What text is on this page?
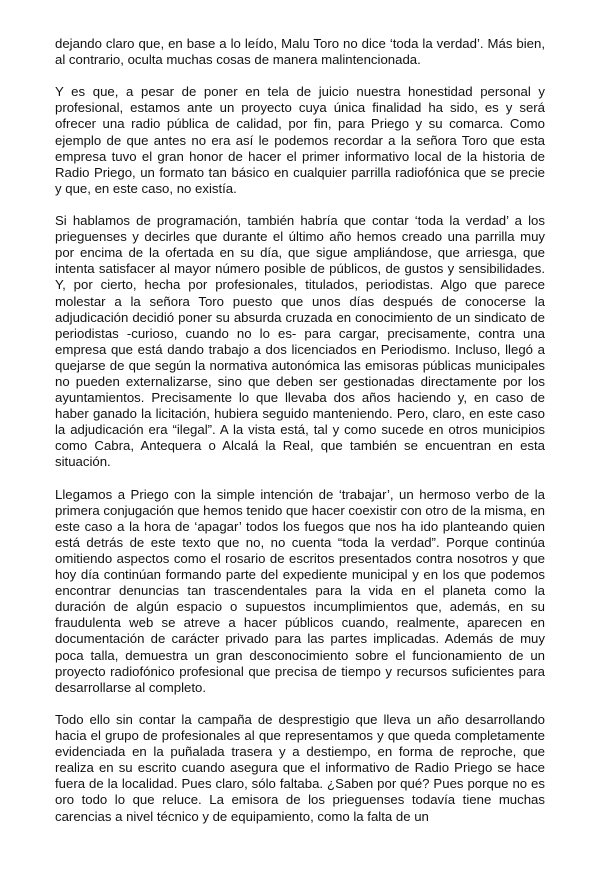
dejando claro que, en base a lo leído, Malu Toro no dice ‘toda la verdad’. Más bien, al contrario, oculta muchas cosas de manera malintencionada.

Y es que, a pesar de poner en tela de juicio nuestra honestidad personal y profesional, estamos ante un proyecto cuya única finalidad ha sido, es y será ofrecer una radio pública de calidad, por fin, para Priego y su comarca. Como ejemplo de que antes no era así le podemos recordar a la señora Toro que esta empresa tuvo el gran honor de hacer el primer informativo local de la historia de Radio Priego, un formato tan básico en cualquier parrilla radiofónica que se precie y que, en este caso, no existía.

Si hablamos de programación, también habría que contar ‘toda la verdad’ a los prieguenses y decirles que durante el último año hemos creado una parrilla muy por encima de la ofertada en su día, que sigue ampliándose, que arriesga, que intenta satisfacer al mayor número posible de públicos, de gustos y sensibilidades. Y, por cierto, hecha por profesionales, titulados, periodistas. Algo que parece molestar a la señora Toro puesto que unos días después de conocerse la adjudicación decidió poner su absurda cruzada en conocimiento de un sindicato de periodistas -curioso, cuando no lo es- para cargar, precisamente, contra una empresa que está dando trabajo a dos licenciados en Periodismo. Incluso, llegó a quejarse de que según la normativa autonómica las emisoras públicas municipales no pueden externalizarse, sino que deben ser gestionadas directamente por los ayuntamientos. Precisamente lo que llevaba dos años haciendo y, en caso de haber ganado la licitación, hubiera seguido manteniendo. Pero, claro, en este caso la adjudicación era “ilegal”. A la vista está, tal y como sucede en otros municipios como Cabra, Antequera o Alcalá la Real, que también se encuentran en esta situación.

Llegamos a Priego con la simple intención de ‘trabajar’, un hermoso verbo de la primera conjugación que hemos tenido que hacer coexistir con otro de la misma, en este caso a la hora de ‘apagar’ todos los fuegos que nos ha ido planteando quien está detrás de este texto que no, no cuenta “toda la verdad”. Porque continúa omitiendo aspectos como el rosario de escritos presentados contra nosotros y que hoy día continúan formando parte del expediente municipal y en los que podemos encontrar denuncias tan trascendentales para la vida en el planeta como la duración de algún espacio o supuestos incumplimientos que, además, en su fraudulenta web se atreve a hacer públicos cuando, realmente, aparecen en documentación de carácter privado para las partes implicadas. Además de muy poca talla, demuestra un gran desconocimiento sobre el funcionamiento de un proyecto radiofónico profesional que precisa de tiempo y recursos suficientes para desarrollarse al completo.

Todo ello sin contar la campaña de desprestigio que lleva un año desarrollando hacia el grupo de profesionales al que representamos y que queda completamente evidenciada en la puñalada trasera y a destiempo, en forma de reproche, que realiza en su escrito cuando asegura que el informativo de Radio Priego se hace fuera de la localidad. Pues claro, sólo faltaba. ¿Saben por qué? Pues porque no es oro todo lo que reluce. La emisora de los prieguenses todavía tiene muchas carencias a nivel técnico y de equipamiento, como la falta de un
